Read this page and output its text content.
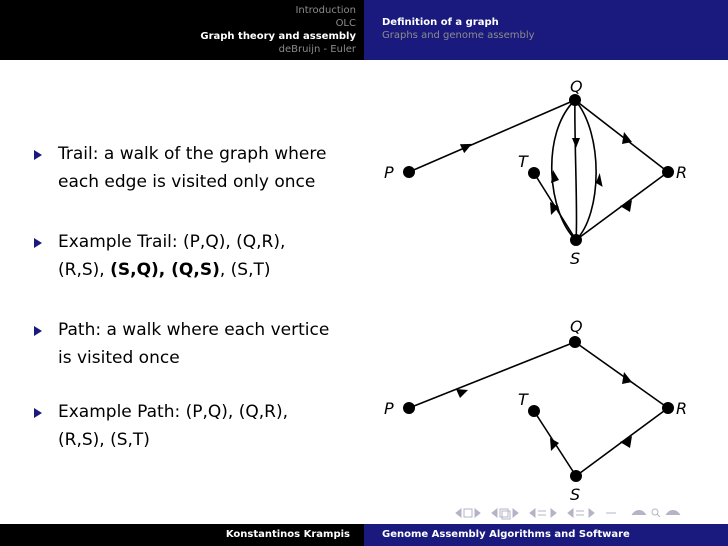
Introduction
OLC
Graph theory and assembly
deBruijn - Euler
Definition of a graph
Graphs and genome assembly
Trail: a walk of the graph where
each edge is visited only once
Example Trail: (P,Q), (Q,R),
(R,S), (S,Q), (Q,S), (S,T)
Path: a walk where each vertice
is visited once
Example Path: (P,Q), (Q,R),
(R,S), (S,T)
P
Q
T
R
S
P
Q
T	R
S
Konstantinos Krampis	Genome Assembly Algorithms and Software
